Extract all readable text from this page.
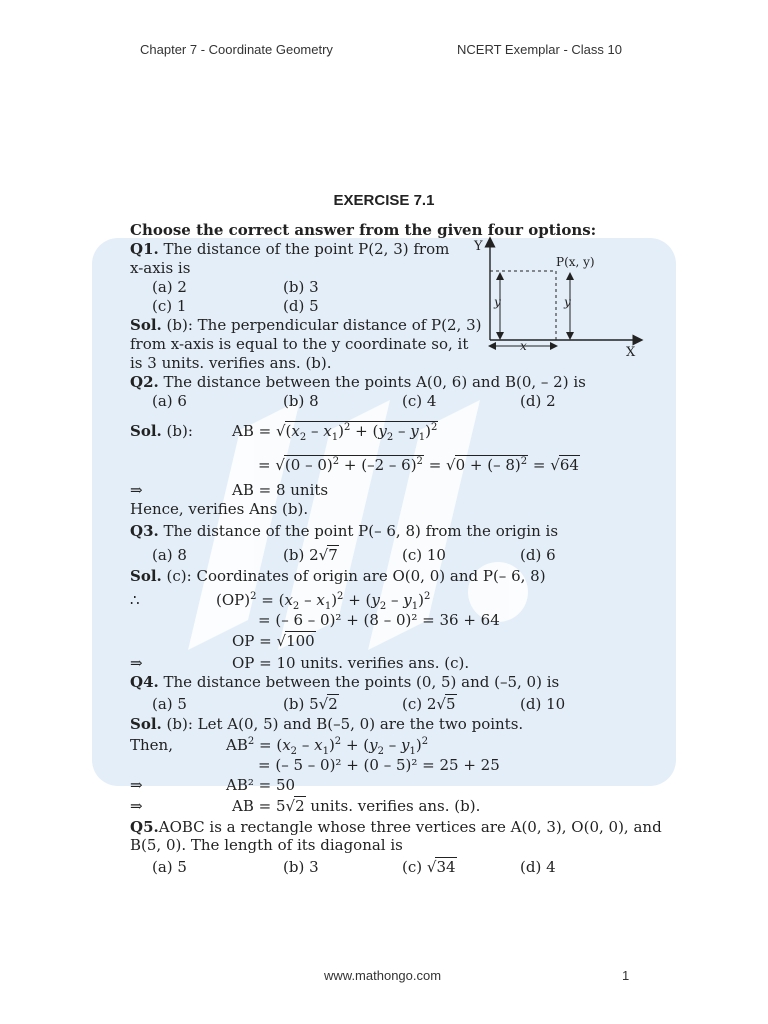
Chapter 7 - Coordinate Geometry	NCERT Exemplar - Class 10
EXERCISE 7.1
Choose the correct answer from the given four options:
Q1. The distance of the point P(2, 3) from
x-axis is
(a) 2	(b) 3
(c) 1	(d) 5
Sol. (b): The perpendicular distance of P(2, 3)
from x-axis is equal to the y coordinate so, it
is 3 units. verifies ans. (b).
Y
X
P(x, y)
y	y
x
Q2. The distance between the points A(0, 6) and B(0, – 2) is
(a) 6	(b) 8	(c) 4	(d) 2
Sol. (b):	AB = $√(x_2 - x_1)^2 + (y_2 - y_1)^2$
= √(0 – 0)$^2$ + (–2 – 6)$^2$ = √0 + (– 8)$^2$ = √64
⇒	AB = 8 units
Hence, verifies Ans (b).
Q3. The distance of the point P(– 6, 8) from the origin is
(a) 8	(b) 2√7	(c) 10	(d) 6
Sol. (c): Coordinates of origin are O(0, 0) and P(– 6, 8)
∴	$(OP)^2 = (x_2 - x_1)^2 + (y_2 - y_1)^2$
= (– 6 – 0)² + (8 – 0)² = 36 + 64
OP = √100
⇒	OP = 10 units. verifies ans. (c).
Q4. The distance between the points (0, 5) and (–5, 0) is
(a) 5	(b) 5√2	(c) 2√5	(d) 10
Sol. (b): Let A(0, 5) and B(–5, 0) are the two points.
Then,	$AB^2 = (x_2 - x_1)^2 + (y_2 - y_1)^2$
= (– 5 – 0)² + (0 – 5)² = 25 + 25
⇒	AB² = 50
⇒	AB = 5√2 units. verifies ans. (b).
Q5.AOBC is a rectangle whose three vertices are A(0, 3), O(0, 0), and
B(5, 0). The length of its diagonal is
(a) 5	(b) 3	(c) √34	(d) 4
www.mathongo.com	1
